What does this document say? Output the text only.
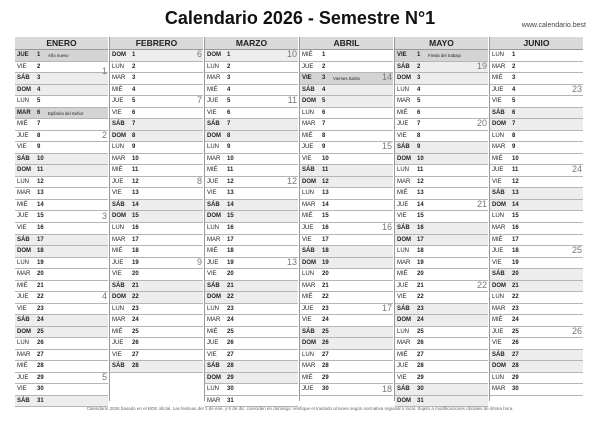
Calendario 2026 - Semestre N°1	www.calendario.best
ENERO
JUE 1 Año nuevo
VIE 2
SÁB 3
DOM 4
LUN 5
MAR 6 Epifanía del Señor
MIÉ 7
JUE 8
VIE 9
SÁB 10
DOM 11
LUN 12
MAR 13
MIÉ 14
JUE 15
VIE 16
SÁB 17
DOM 18
LUN 19
MAR 20
MIÉ 21
JUE 22
VIE 23
SÁB 24
DOM 25
LUN 26
MAR 27
MIÉ 28
JUE 29
VIE 30
SÁB 31
1
2
3
4
5
FEBRERO
DOM 1
LUN 2
MAR 3
MIÉ 4
JUE 5
VIE 6
SÁB 7
DOM 8
LUN 9
MAR 10
MIÉ 11
JUE 12
VIE 13
SÁB 14
DOM 15
LUN 16
MAR 17
MIÉ 18
JUE 19
VIE 20
SÁB 21
DOM 22
LUN 23
MAR 24
MIÉ 25
JUE 26
VIE 27
SÁB 28
6
7
8
9
MARZO
DOM 1
LUN 2
MAR 3
MIÉ 4
JUE 5
VIE 6
SÁB 7
DOM 8
LUN 9
MAR 10
MIÉ 11
JUE 12
VIE 13
SÁB 14
DOM 15
LUN 16
MAR 17
MIÉ 18
JUE 19
VIE 20
SÁB 21
DOM 22
LUN 23
MAR 24
MIÉ 25
JUE 26
VIE 27
SÁB 28
DOM 29
LUN 30
MAR 31
10
11
12
13
ABRIL
MIÉ 1
JUE 2
VIE 3 Viernes Santo
SÁB 4
DOM 5
LUN 6
MAR 7
MIÉ 8
JUE 9
VIE 10
SÁB 11
DOM 12
LUN 13
MAR 14
MIÉ 15
JUE 16
VIE 17
SÁB 18
DOM 19
LUN 20
MAR 21
MIÉ 22
JUE 23
VIE 24
SÁB 25
DOM 26
LUN 27
MAR 28
MIÉ 29
JUE 30
14
15
16
17
18
MAYO
VIE 1 Fiesta del trabajo
SÁB 2
DOM 3
LUN 4
MAR 5
MIÉ 6
JUE 7
VIE 8
SÁB 9
DOM 10
LUN 11
MAR 12
MIÉ 13
JUE 14
VIE 15
SÁB 16
DOM 17
LUN 18
MAR 19
MIÉ 20
JUE 21
VIE 22
SÁB 23
DOM 24
LUN 25
MAR 26
MIÉ 27
JUE 28
VIE 29
SÁB 30
DOM 31
19
20
21
22
JUNIO
LUN 1
MAR 2
MIÉ 3
JUE 4
VIE 5
SÁB 6
DOM 7
LUN 8
MAR 9
MIÉ 10
JUE 11
VIE 12
SÁB 13
DOM 14
LUN 15
MAR 16
MIÉ 17
JUE 18
VIE 19
SÁB 20
DOM 21
LUN 22
MAR 23
MIÉ 24
JUE 25
VIE 26
SÁB 27
DOM 28
LUN 29
MAR 30
23
24
25
26
Calendario 2026 basado en el BOE oficial. Las festivas del 1 de ene. y 6 de dic. coinciden en domingo: verifique el traslado al lunes según normativa regional o local. Sujeto a modificaciones oficiales de última hora.
